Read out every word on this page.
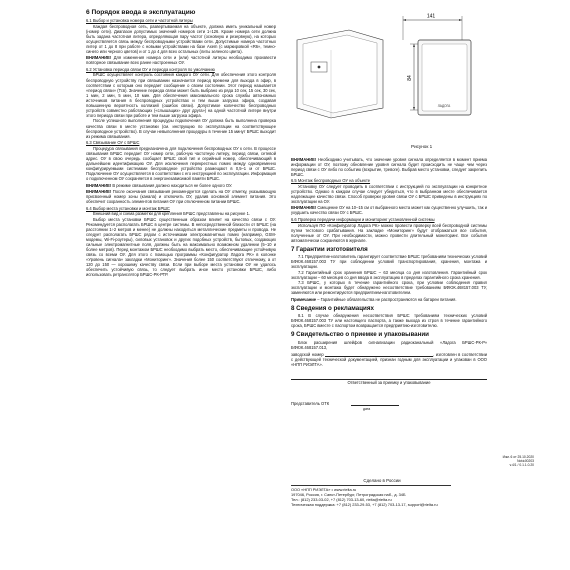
6 Порядок ввода в эксплуатацию
6.1 Выбор и установка номера сети и частотной литеры
Каждая беспроводная сеть, развертываемая на объекте, должна иметь уникальный номер (номер сети). Диапазон допустимых значений номеров сети 1÷126. Кроме номера сети должна быть задана частотная литера, определяющая пару частот (основную и резервную), на которых осуществляется связь между беспроводными устройствами сети. Допустимые номера частотных литер от 1 до 8 при работе с новыми устройствами на базе Axem (с маркировкой «R6», темно-синего или черного цветов) и от 1 до 4 для всех остальных (литы зеленого цвета).
ВНИМАНИЕ! Для изменения номера сети и (или) частотной литеры необходимо произвести повторное связывание всех ранее настроенных ОУ.
6.2 Установка периода связи ОУ и периода контроля по умолчанию
БРШС осуществляет контроль состояния каждого ОУ сети. Для обеспечения этого контроля беспроводную устройству при связывании назначается период времени для выхода в эфир, в соответствии с которым оно передает сообщение о своем состоянии. Этот период называется «период связи» (Тсв). Значение периода связи может быть выбрано из ряда 10 сек, 15 сек, 30 сек, 1 мин, 2 мин, 5 мин, 10 мин. Для обеспечения максимального срока службы автономных источников питания в беспроводных устройствах и тем выше загрузка эфира, создавая повышенную вероятность коллизий (ошибок связи). Допустимое количество беспроводных устройств совместно работающих («слышащих» друг друга») на одной частотной литере внутри этого периода связи при работе и тем выше загрузка эфира.
После успешного выполнения процедуры подключения ОУ должна быть выполнена проверка качества связи в месте установки (см. инструкцию по эксплуатации на соответствующее беспроводное устройство). В случае невыполнения процедуры в течение 15 минут БРШС выходит из режима связывания.
6.3 Связывание ОУ с БРШС
Процедура связывания предназначена для подключения беспроводных ОУ к сети. В процессе связывания БРШС передает ОУ номер сети, рабочую частотную литеру, период связи, сетевой адрес. ОУ в свою очередь сообщает БРШС свой тип и серийный номер, обеспечивающий в дальнейшем идентификацию ОУ. Для исключения перекрестных помех между одновременно конфигурируемыми системами беспроводное устройство размещают в 0,5–1 м от БРШС. Подключение ОУ осуществляется в соответствии с его инструкцией по эксплуатации. Информация о подключенном ОУ сохраняется в энергонезависимой памяти БРШС.
ВНИМАНИЕ! В режиме связывания должно находиться не более одного ОУ.
ВНИМАНИЕ! После окончания связывания рекомендуется сделать на ОУ отметку, указывающую присвоенный номер зоны (канала) и отключить ОУ, удалив основной элемент питания. Это обеспечит сохранность элементов питания ОУ при отключенном питании БРШС.
6.4 Выбор места установки и монтаж БРШС
Внешний вид и схема разметки для крепления БРШС представлены на рисунке 1.
Выбор места установки БРШС существенным образом влияет на качество связи с ОУ. Рекомендуется располагать БРШС в центре системы. В непосредственной близости от БРШС (на расстоянии 1÷2 метров и менее) не должны находиться металлические предметы и провода. Не следует располагать БРШС рядом с источниками электромагнитных помех (например, GSM-модемы, Wi-Fi-роутеры), силовых установок и других подобных устройств, бытовых, создающих сильные электромагнитные поля, должны быть на максимально возможном удалении (5–10 и более метров). Перед монтажом БРШС необходимо выбрать место, обеспечивающее устойчивую связь со всеми ОУ. Для этого с помощью программы «Конфигуратор Ладога РК» в колонке «Уровень сигнала» закладки «Мониторинг». Значения более 150 соответствуют отличному, а от 120 до 150 — хорошему качеству связи. Если при выборе места установки ОУ не удалось обеспечить устойчивую связь, то следует выбрать иное место установки БРШС, либо использовать ретранслятор БРШС-РК-РТР.
141
84
ЛАДОГА
Рисунок 1
ВНИМАНИЕ! Необходимо учитывать, что значение уровня сигнала определяется в момент приема информации от ОУ, поэтому обновление уровня сигнала будет происходить не чаще чем через период связи с ОУ либо по событию (вскрытие, тревоге). Выбрав место установки, следует закрепить БРШС.
6.5 Монтаж беспроводных ОУ на объекте
Установку ОУ следует проводить в соответствии с инструкцией по эксплуатации на конкретное устройство. Однако в каждом случае следует убедиться, что в выбранном месте обеспечивается надлежащее качество связи. Способ проверки уровня связи ОУ с БРШС приведены в инструкциях по эксплуатации на ОУ.
ВНИМАНИЕ! Смещение ОУ на 10–15 см от выбранного места может как существенно улучшить, так и ухудшить качество связи ОУ с БРШС.
6.6 Проверка передачи информации и мониторинг установленной системы
Используя ПО «Конфигуратор Ладога РК» можно провести проверку всей беспроводной системы путем тестового срабатывания. На закладке «Мониторинг» будут отображаться все события, полученные от ОУ. При необходимости, можно провести длительный мониторинг. Все события автоматически сохраняются в журнале.
7 Гарантии изготовителя
7.1 Предприятие-изготовитель гарантирует соответствие БРШС требованиям технических условий БФЮК.468157.003 ТУ при соблюдении условий транспортирования, хранения, монтажа и эксплуатации.
7.2 Гарантийный срок хранения БРШС – 63 месяца со дня изготовления. Гарантийный срок эксплуатации – 60 месяцев со дня ввода в эксплуатацию в пределах гарантийного срока хранения.
7.3 БРШС, у которых в течение гарантийного срока, при условии соблюдения правил эксплуатации и монтажа будет обнаружено несоответствие требованиям БФЮК.468157.003 ТУ, заменяются или ремонтируются предприятием-изготовителем.
Примечание – Гарантийные обязательства не распространяются на батареи питания.
8 Сведения о рекламациях
8.1 В случае обнаружения несоответствия БРШС требованиям технических условий БФЮК.468157.003 ТУ или настоящего паспорта, а также выхода из строя в течение гарантийного срока, БРШС вместе с паспортом возвращается предприятию-изготовителю.
9 Свидетельство о приемке и упаковывании
Блок расширения шлейфов сигнализации радиоканальный «Ладога БРШС-РК-Р» БФЮК.468157.013,
заводской номер	, изготовлен в соответствии с действующей технической документацией, признан годным для эксплуатации и упакован в ООО «НПП РИЭЛТА».
Ответственный за приемку и упаковывание
Представитель ОТК
дата
Изм. 6 от 25.10.2020
No№00203
v.4/1 / 0.1.1.0.20
Сделано в России
ООО «НПП РИЭЛТА» • www.rielta.ru
197046, Россия, г. Санкт-Петербург, Петроградская наб., д. 34Б
Тел.: (812) 233-03-02, +7 (812) 703-13-60, rielta@rielta.ru
Техническая поддержка: +7 (812) 233-29-53, +7 (812) 703-13-17, support@rielta.ru
